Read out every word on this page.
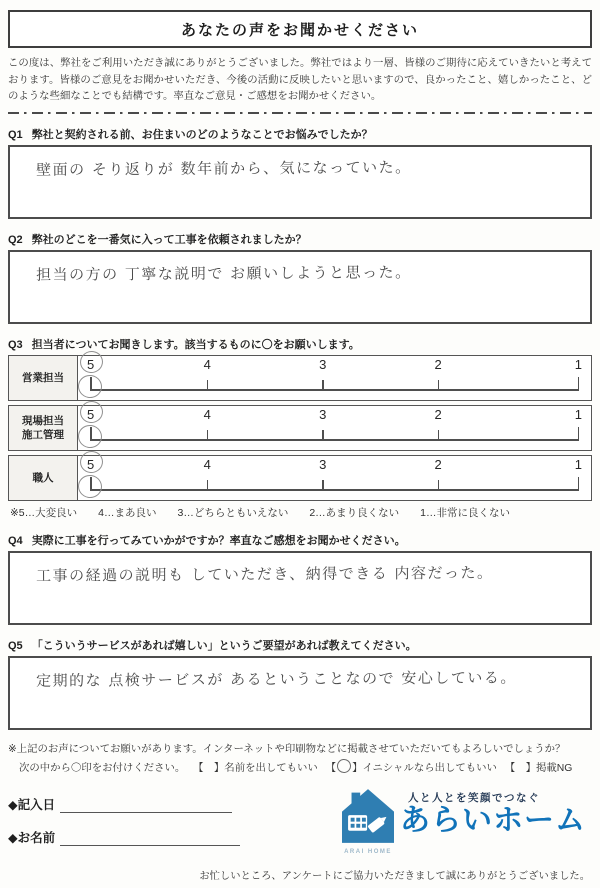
あなたの声をお聞かせください

この度は、弊社をご利用いただき誠にありがとうございました。弊社ではより一層、皆様のご期待に応えていきたいと考えております。皆様のご意見をお聞かせいただき、今後の活動に反映したいと思いますので、良かったこと、嬉しかったこと、どのような些細なことでも結構です。率直なご意見・ご感想をお聞かせください。

Q1 弊社と契約される前、お住まいのどのようなことでお悩みでしたか？
壁面の そり返りが 数年前から、気になっていた。
Q2 弊社のどこを一番気に入って工事を依頼されましたか？
担当の方の 丁寧な説明で お願いしようと思った。
Q3 担当者についてお聞きします。該当するものに〇をお願いします。
営業担当
5	4	3	2	1
現場担当
施工管理
5	4	3	2	1
職人
5	4	3	2	1
※5…大変良い　　4…まあ良い　　3…どちらともいえない　　2…あまり良くない　　1…非常に良くない
Q4 実際に工事を行ってみていかがですか？率直なご感想をお聞かせください。
工事の経過の説明も していただき、納得できる 内容だった。
Q5 「こういうサービスがあれば嬉しい」というご要望があれば教えてください。
定期的な 点検サービスが あるということなので 安心している。

※上記のお声についてお願いがあります。インターネットや印刷物などに掲載させていただいてもよろしいでしょうか？

次の中から〇印をお付けください。 【　】名前を出してもいい 【 】イニシャルなら出してもいい 【　】掲載NG

◆記入日
◆お名前
ARAI HOME
人と人とを笑顔でつなぐ
あらいホーム

お忙しいところ、アンケートにご協力いただきまして誠にありがとうございました。
